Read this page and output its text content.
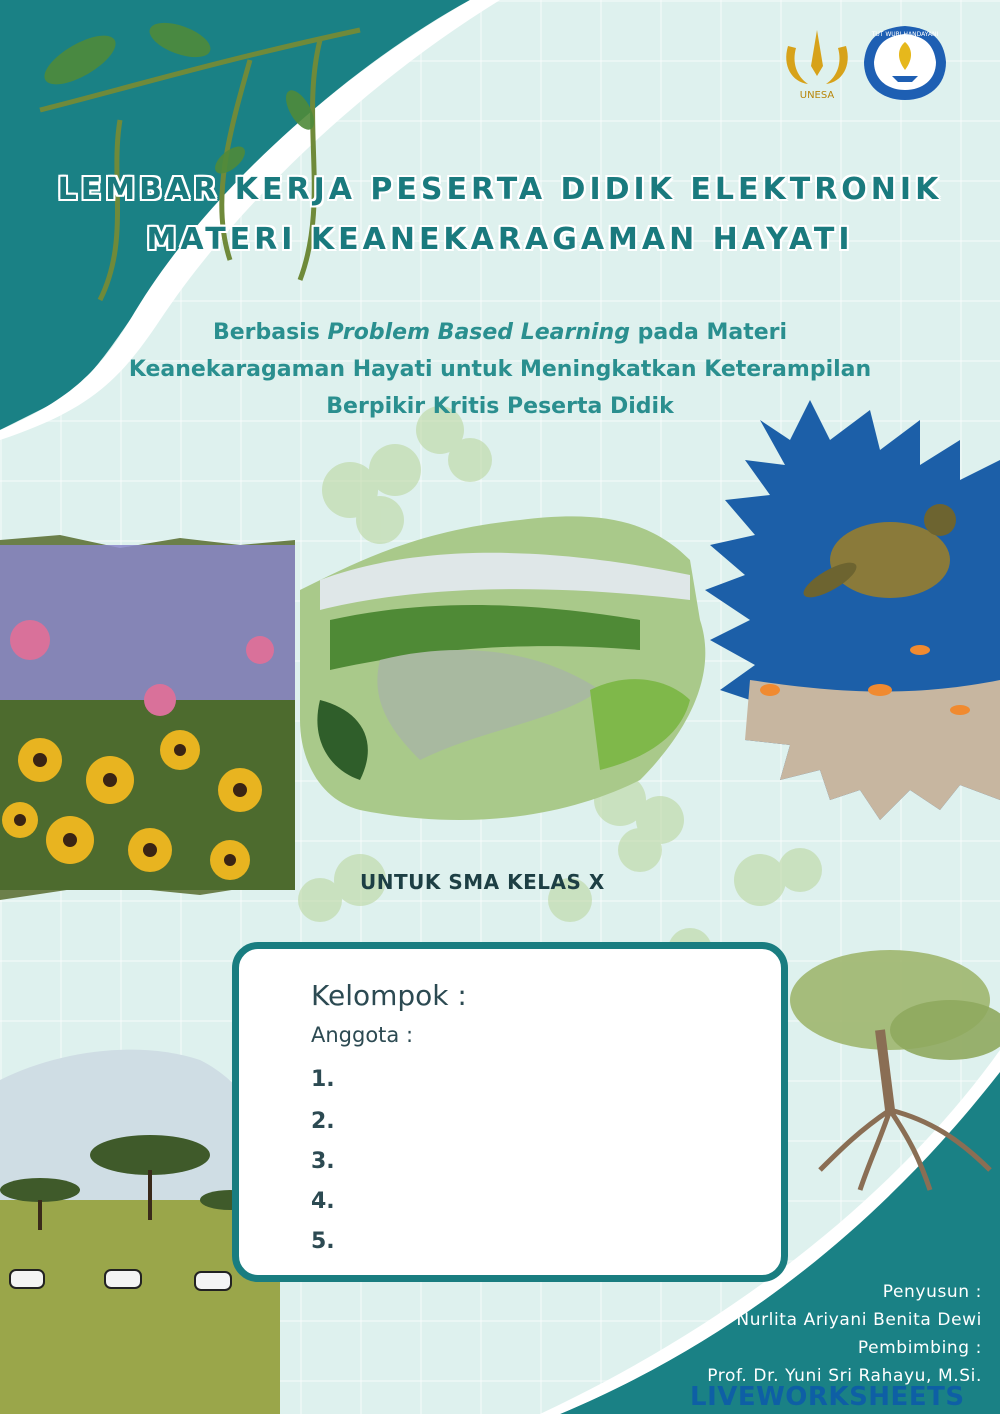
UNESA
TUT WURI HANDAYANI
LEMBAR KERJA PESERTA DIDIK ELEKTRONIK
MATERI KEANEKARAGAMAN HAYATI
Berbasis Problem Based Learning pada Materi
Keanekaragaman Hayati untuk Meningkatkan Keterampilan
Berpikir Kritis Peserta Didik
UNTUK SMA KELAS X
Kelompok :
Anggota :
1.
2.
3.
4.
5.
Penyusun :
Nurlita Ariyani Benita Dewi
Pembimbing :
Prof. Dr. Yuni Sri Rahayu, M.Si.
LIVEWORKSHEETS
